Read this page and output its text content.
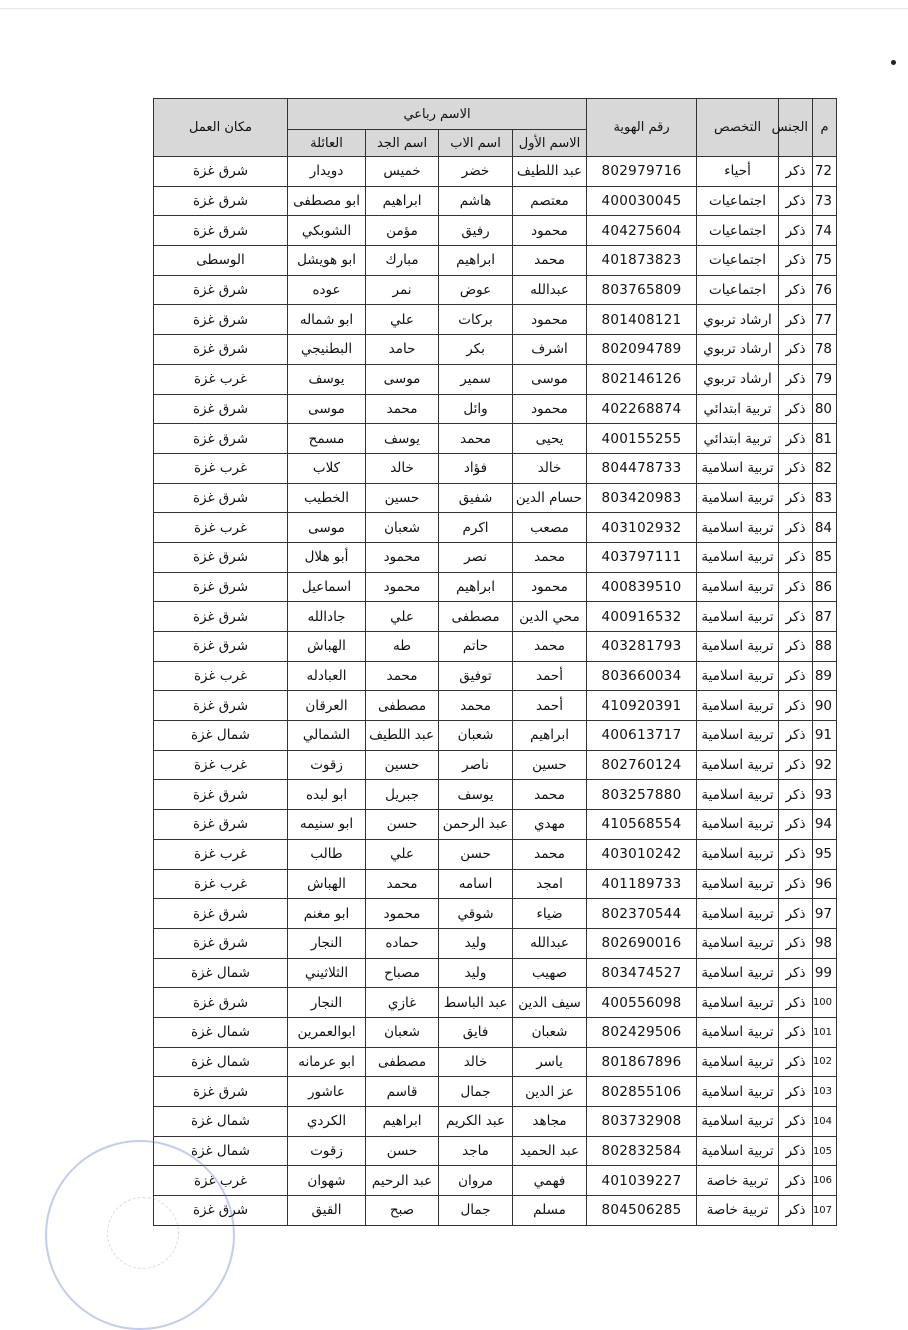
م	الجنس	التخصص	رقم الهوية	الاسم رباعي				مكان العمل
				الاسم الأول	اسم الاب	اسم الجد	العائلة	
72	ذكر	أحياء	802979716	عبد اللطيف	خضر	خميس	دويدار	شرق غزة
73	ذكر	اجتماعيات	400030045	معتصم	هاشم	ابراهيم	ابو مصطفى	شرق غزة
74	ذكر	اجتماعيات	404275604	محمود	رفيق	مؤمن	الشوبكي	شرق غزة
75	ذكر	اجتماعيات	401873823	محمد	ابراهيم	مبارك	ابو هويشل	الوسطى
76	ذكر	اجتماعيات	803765809	عبدالله	عوض	نمر	عوده	شرق غزة
77	ذكر	ارشاد تربوي	801408121	محمود	بركات	علي	ابو شماله	شرق غزة
78	ذكر	ارشاد تربوي	802094789	اشرف	بكر	حامد	البطنيجي	شرق غزة
79	ذكر	ارشاد تربوي	802146126	موسى	سمير	موسى	يوسف	غرب غزة
80	ذكر	تربية ابتدائي	402268874	محمود	وائل	محمد	موسى	شرق غزة
81	ذكر	تربية ابتدائي	400155255	يحيى	محمد	يوسف	مسمح	شرق غزة
82	ذكر	تربية اسلامية	804478733	خالد	فؤاد	خالد	كلاب	غرب غزة
83	ذكر	تربية اسلامية	803420983	حسام الدين	شفيق	حسين	الخطيب	شرق غزة
84	ذكر	تربية اسلامية	403102932	مصعب	اكرم	شعبان	موسى	غرب غزة
85	ذكر	تربية اسلامية	403797111	محمد	نصر	محمود	أبو هلال	شرق غزة
86	ذكر	تربية اسلامية	400839510	محمود	ابراهيم	محمود	اسماعيل	شرق غزة
87	ذكر	تربية اسلامية	400916532	محي الدين	مصطفى	علي	جادالله	شرق غزة
88	ذكر	تربية اسلامية	403281793	محمد	حاتم	طه	الهباش	شرق غزة
89	ذكر	تربية اسلامية	803660034	أحمد	توفيق	محمد	العبادله	غرب غزة
90	ذكر	تربية اسلامية	410920391	أحمد	محمد	مصطفى	العرقان	شرق غزة
91	ذكر	تربية اسلامية	400613717	ابراهيم	شعبان	عبد اللطيف	الشمالي	شمال غزة
92	ذكر	تربية اسلامية	802760124	حسين	ناصر	حسين	زقوت	غرب غزة
93	ذكر	تربية اسلامية	803257880	محمد	يوسف	جبريل	ابو لبده	شرق غزة
94	ذكر	تربية اسلامية	410568554	مهدي	عبد الرحمن	حسن	ابو سنيمه	شرق غزة
95	ذكر	تربية اسلامية	403010242	محمد	حسن	علي	طالب	غرب غزة
96	ذكر	تربية اسلامية	401189733	امجد	اسامه	محمد	الهباش	غرب غزة
97	ذكر	تربية اسلامية	802370544	ضياء	شوقي	محمود	ابو مغنم	شرق غزة
98	ذكر	تربية اسلامية	802690016	عبدالله	وليد	حماده	النجار	شرق غزة
99	ذكر	تربية اسلامية	803474527	صهيب	وليد	مصباح	الثلاثيني	شمال غزة
100	ذكر	تربية اسلامية	400556098	سيف الدين	عبد الباسط	غازي	النجار	شرق غزة
101	ذكر	تربية اسلامية	802429506	شعبان	فايق	شعبان	ابوالعمرين	شمال غزة
102	ذكر	تربية اسلامية	801867896	ياسر	خالد	مصطفى	ابو عرمانه	شمال غزة
103	ذكر	تربية اسلامية	802855106	عز الدين	جمال	قاسم	عاشور	شرق غزة
104	ذكر	تربية اسلامية	803732908	مجاهد	عبد الكريم	ابراهيم	الكردي	شمال غزة
105	ذكر	تربية اسلامية	802832584	عبد الحميد	ماجد	حسن	زقوت	شمال غزة
106	ذكر	تربية خاصة	401039227	فهمي	مروان	عبد الرحيم	شهوان	غرب غزة
107	ذكر	تربية خاصة	804506285	مسلم	جمال	صبح	القيق	شرق غزة
